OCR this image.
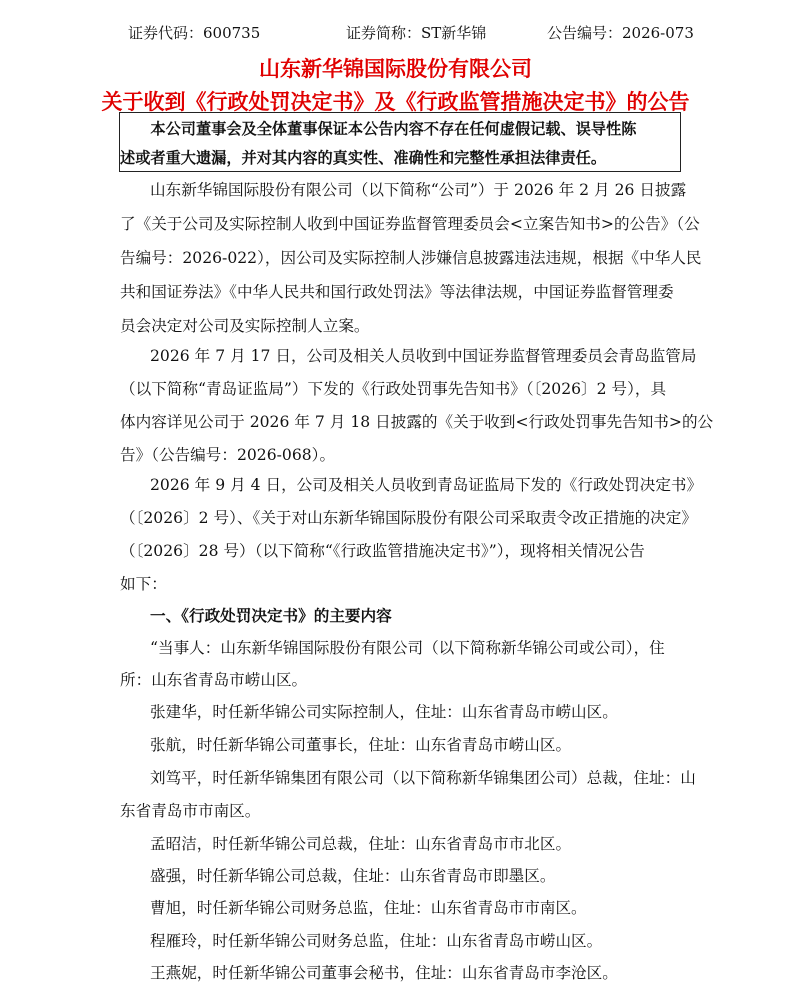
证券代码：600735	证券简称：ST新华锦	公告编号：2026-073
山东新华锦国际股份有限公司
关于收到《行政处罚决定书》及《行政监管措施决定书》的公告
　　本公司董事会及全体董事保证本公告内容不存在任何虚假记载、误导性陈
述或者重大遗漏，并对其内容的真实性、准确性和完整性承担法律责任。
山东新华锦国际股份有限公司（以下简称“公司”）于 2026 年 2 月 26 日披露
了《关于公司及实际控制人收到中国证券监督管理委员会<立案告知书>的公告》（公
告编号：2026-022），因公司及实际控制人涉嫌信息披露违法违规，根据《中华人民
共和国证券法》《中华人民共和国行政处罚法》等法律法规，中国证券监督管理委
员会决定对公司及实际控制人立案。
2026 年 7 月 17 日，公司及相关人员收到中国证券监督管理委员会青岛监管局
（以下简称“青岛证监局”）下发的《行政处罚事先告知书》（〔2026〕2 号），具
体内容详见公司于 2026 年 7 月 18 日披露的《关于收到<行政处罚事先告知书>的公
告》（公告编号：2026-068）。
2026 年 9 月 4 日，公司及相关人员收到青岛证监局下发的《行政处罚决定书》
（〔2026〕2 号）、《关于对山东新华锦国际股份有限公司采取责令改正措施的决定》
（〔2026〕28 号）（以下简称“《行政监管措施决定书》”），现将相关情况公告
如下：
一、《行政处罚决定书》的主要内容
“当事人：山东新华锦国际股份有限公司（以下简称新华锦公司或公司），住
所：山东省青岛市崂山区。
张建华，时任新华锦公司实际控制人，住址：山东省青岛市崂山区。
张航，时任新华锦公司董事长，住址：山东省青岛市崂山区。
刘笃平，时任新华锦集团有限公司（以下简称新华锦集团公司）总裁，住址：山
东省青岛市市南区。
孟昭洁，时任新华锦公司总裁，住址：山东省青岛市市北区。
盛强，时任新华锦公司总裁，住址：山东省青岛市即墨区。
曹旭，时任新华锦公司财务总监，住址：山东省青岛市市南区。
程雁玲，时任新华锦公司财务总监，住址：山东省青岛市崂山区。
王燕妮，时任新华锦公司董事会秘书，住址：山东省青岛市李沧区。
